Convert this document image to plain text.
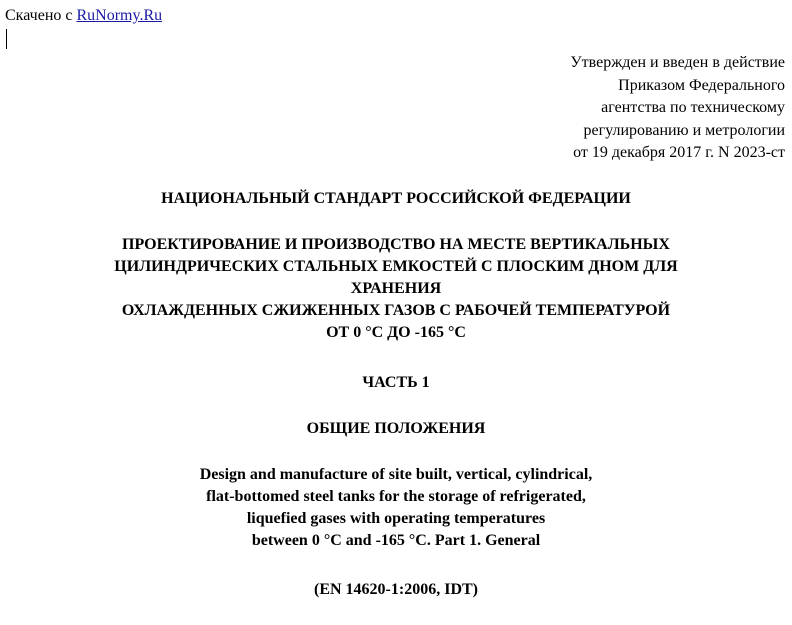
Скачено с RuNormy.Ru
Утвержден и введен в действие
Приказом Федерального
агентства по техническому
регулированию и метрологии
от 19 декабря 2017 г. N 2023-ст
НАЦИОНАЛЬНЫЙ СТАНДАРТ РОССИЙСКОЙ ФЕДЕРАЦИИ
ПРОЕКТИРОВАНИЕ И ПРОИЗВОДСТВО НА МЕСТЕ ВЕРТИКАЛЬНЫХ
ЦИЛИНДРИЧЕСКИХ СТАЛЬНЫХ ЕМКОСТЕЙ С ПЛОСКИМ ДНОМ ДЛЯ
ХРАНЕНИЯ
ОХЛАЖДЕННЫХ СЖИЖЕННЫХ ГАЗОВ С РАБОЧЕЙ ТЕМПЕРАТУРОЙ
ОТ 0 °С ДО -165 °С
ЧАСТЬ 1
ОБЩИЕ ПОЛОЖЕНИЯ
Design and manufacture of site built, vertical, cylindrical,
flat-bottomed steel tanks for the storage of refrigerated,
liquefied gases with operating temperatures
between 0 °C and -165 °C. Part 1. General
(EN 14620-1:2006, IDT)
